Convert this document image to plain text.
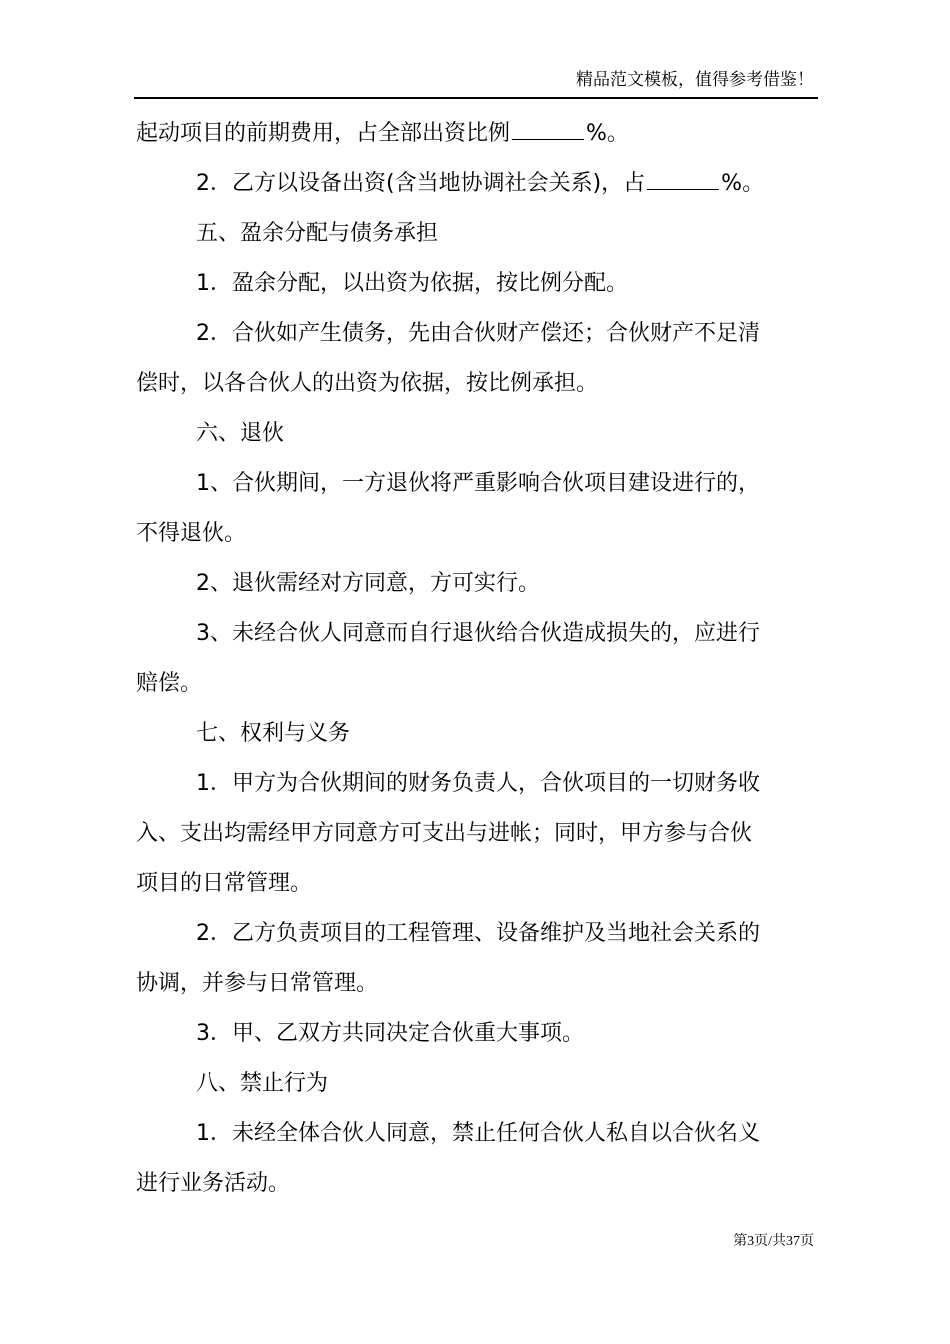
精品范文模板，值得参考借鉴！

起动项目的前期费用，占全部出资比例	%。

2．乙方以设备出资(含当地协调社会关系)，占	%。

五、盈余分配与债务承担

1．盈余分配，以出资为依据，按比例分配。

2．合伙如产生债务，先由合伙财产偿还；合伙财产不足清

偿时，以各合伙人的出资为依据，按比例承担。

六、退伙

1、合伙期间，一方退伙将严重影响合伙项目建设进行的，

不得退伙。

2、退伙需经对方同意，方可实行。

3、未经合伙人同意而自行退伙给合伙造成损失的，应进行

赔偿。

七、权利与义务

1．甲方为合伙期间的财务负责人，合伙项目的一切财务收

入、支出均需经甲方同意方可支出与进帐；同时，甲方参与合伙

项目的日常管理。

2．乙方负责项目的工程管理、设备维护及当地社会关系的

协调，并参与日常管理。

3．甲、乙双方共同决定合伙重大事项。

八、禁止行为

1．未经全体合伙人同意，禁止任何合伙人私自以合伙名义

进行业务活动。

第3页/共37页
